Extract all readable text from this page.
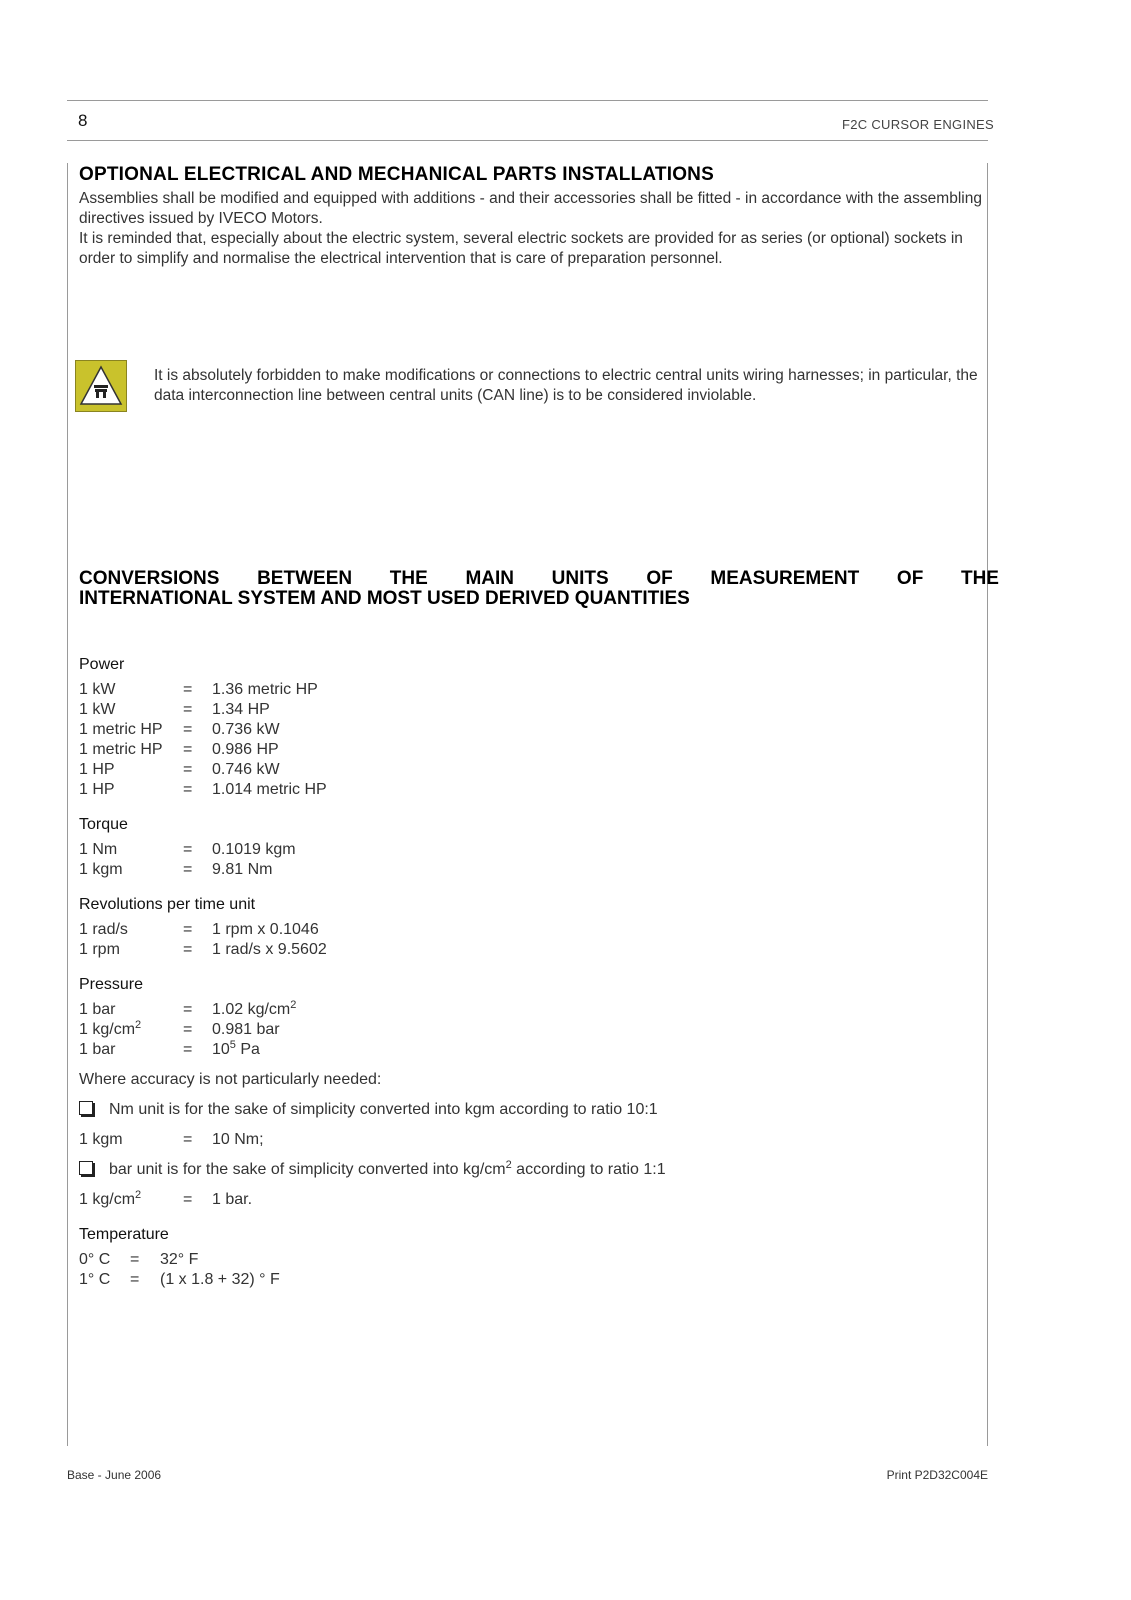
8	F2C CURSOR ENGINES
OPTIONAL ELECTRICAL AND MECHANICAL PARTS INSTALLATIONS

Assemblies shall be modified and equipped with additions - and their accessories shall be fitted - in accordance with the assembling directives issued by IVECO Motors.

It is reminded that, especially about the electric system, several electric sockets are provided for as series (or optional) sockets in order to simplify and normalise the electrical intervention that is care of preparation personnel.

It is absolutely forbidden to make modifications or connections to electric central units wiring harnesses; in particular, the data interconnection line between central units (CAN line) is to be considered inviolable.
CONVERSIONS BETWEEN THE MAIN UNITS OF MEASUREMENT OF THE
INTERNATIONAL SYSTEM AND MOST USED DERIVED QUANTITIES
Power
1 kW	= 1.36 metric HP
1 kW	= 1.34 HP
1 metric HP = 0.736 kW
1 metric HP = 0.986 HP
1 HP	= 0.746 kW
1 HP	= 1.014 metric HP
Torque
1 Nm	= 0.1019 kgm
1 kgm	= 9.81 Nm
Revolutions per time unit
1 rad/s	= 1 rpm x 0.1046
1 rpm	= 1 rad/s x 9.5602
Pressure
1 bar	= 1.02 $kg/cm^2$
1 $kg/cm^2$	= 0.981 bar
1 bar	= $10^5$ Pa
Where accuracy is not particularly needed:
Nm unit is for the sake of simplicity converted into kgm according to ratio 10:1
1 kgm	= 10 Nm;
bar unit is for the sake of simplicity converted into $kg/cm^2$ according to ratio 1:1
1 $kg/cm^2$	= 1 bar.
Temperature
0° C = 32° F
1° C = (1 x 1.8 + 32) ° F
Base - June 2006	Print P2D32C004E
